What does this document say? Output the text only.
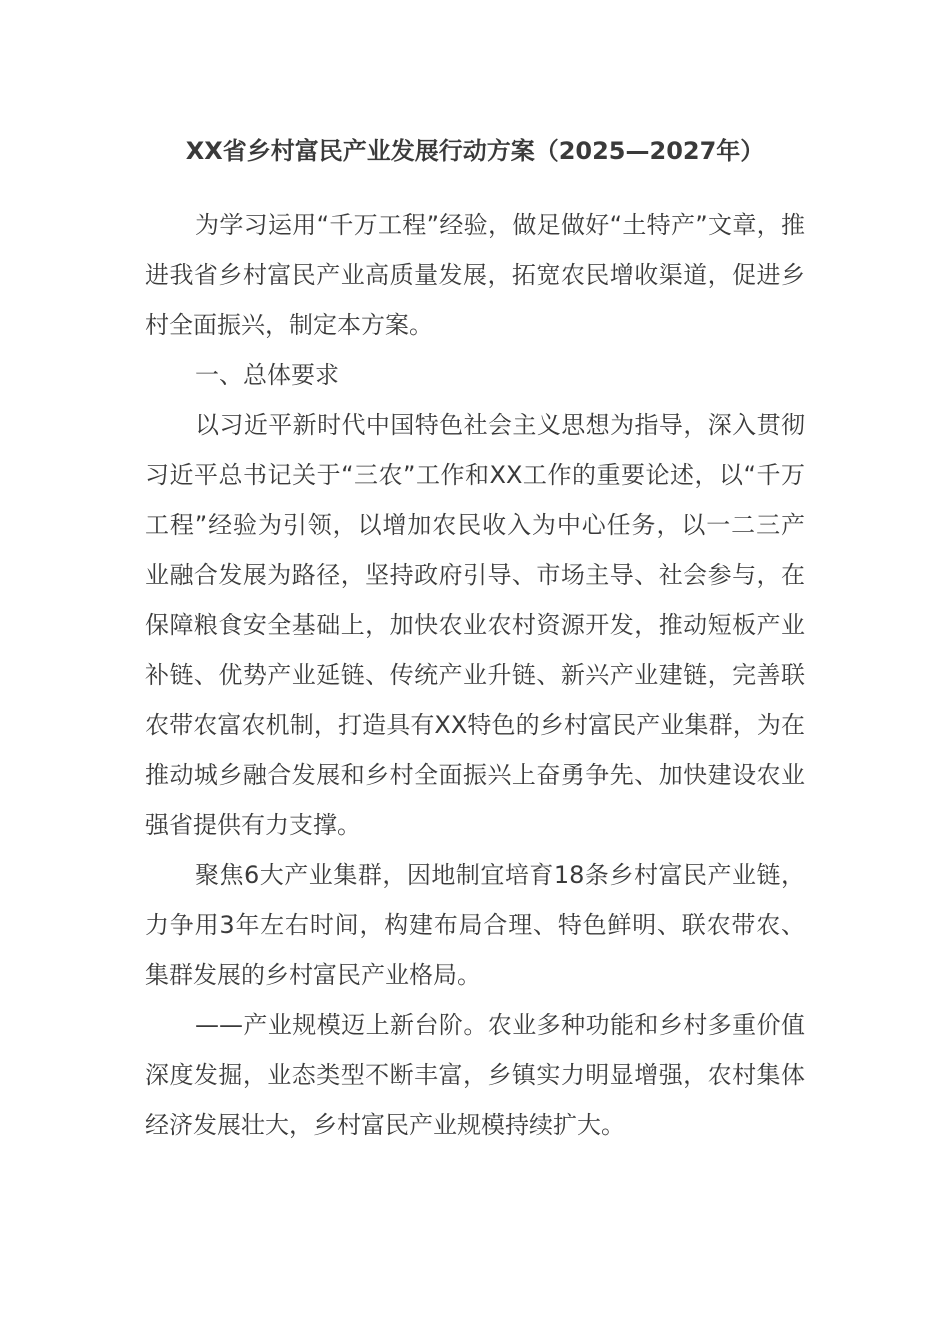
XX省乡村富民产业发展行动方案（2025—2027年）

为学习运用“千万工程”经验，做足做好“土特产”文章，推进我省乡村富民产业高质量发展，拓宽农民增收渠道，促进乡村全面振兴，制定本方案。

一、总体要求

以习近平新时代中国特色社会主义思想为指导，深入贯彻习近平总书记关于“三农”工作和XX工作的重要论述，以“千万工程”经验为引领，以增加农民收入为中心任务，以一二三产业融合发展为路径，坚持政府引导、市场主导、社会参与，在保障粮食安全基础上，加快农业农村资源开发，推动短板产业补链、优势产业延链、传统产业升链、新兴产业建链，完善联农带农富农机制，打造具有XX特色的乡村富民产业集群，为在推动城乡融合发展和乡村全面振兴上奋勇争先、加快建设农业强省提供有力支撑。

聚焦6大产业集群，因地制宜培育18条乡村富民产业链，力争用3年左右时间，构建布局合理、特色鲜明、联农带农、集群发展的乡村富民产业格局。

——产业规模迈上新台阶。农业多种功能和乡村多重价值深度发掘，业态类型不断丰富，乡镇实力明显增强，农村集体经济发展壮大，乡村富民产业规模持续扩大。
